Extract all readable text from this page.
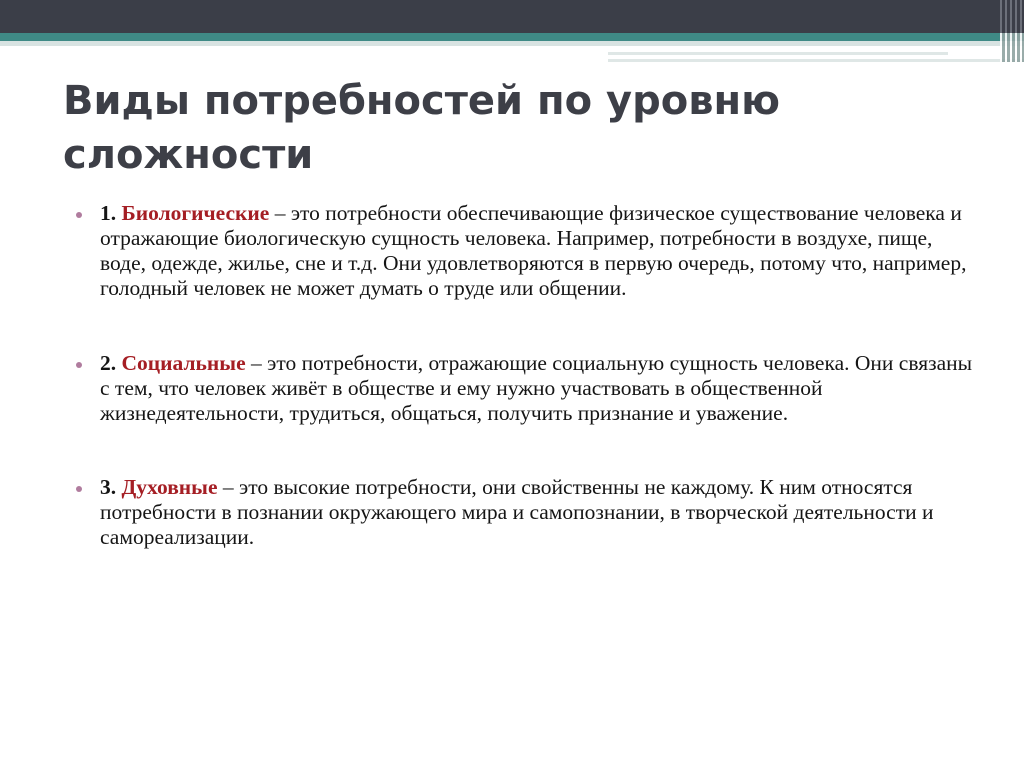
Виды потребностей по уровню сложности
1. Биологические – это потребности обеспечивающие физическое существование человека и отражающие биологическую сущность человека. Например, потребности в воздухе, пище, воде, одежде, жилье, сне и т.д. Они удовлетворяются в первую очередь, потому что, например, голодный человек не может думать о труде или общении.
2. Социальные – это потребности, отражающие социальную сущность человека. Они связаны с тем, что человек живёт в обществе и ему нужно участвовать в общественной жизнедеятельности, трудиться, общаться, получить признание и уважение.
3. Духовные – это высокие потребности, они свойственны не каждому. К ним относятся потребности в познании окружающего мира и самопознании, в творческой деятельности и самореализации.
